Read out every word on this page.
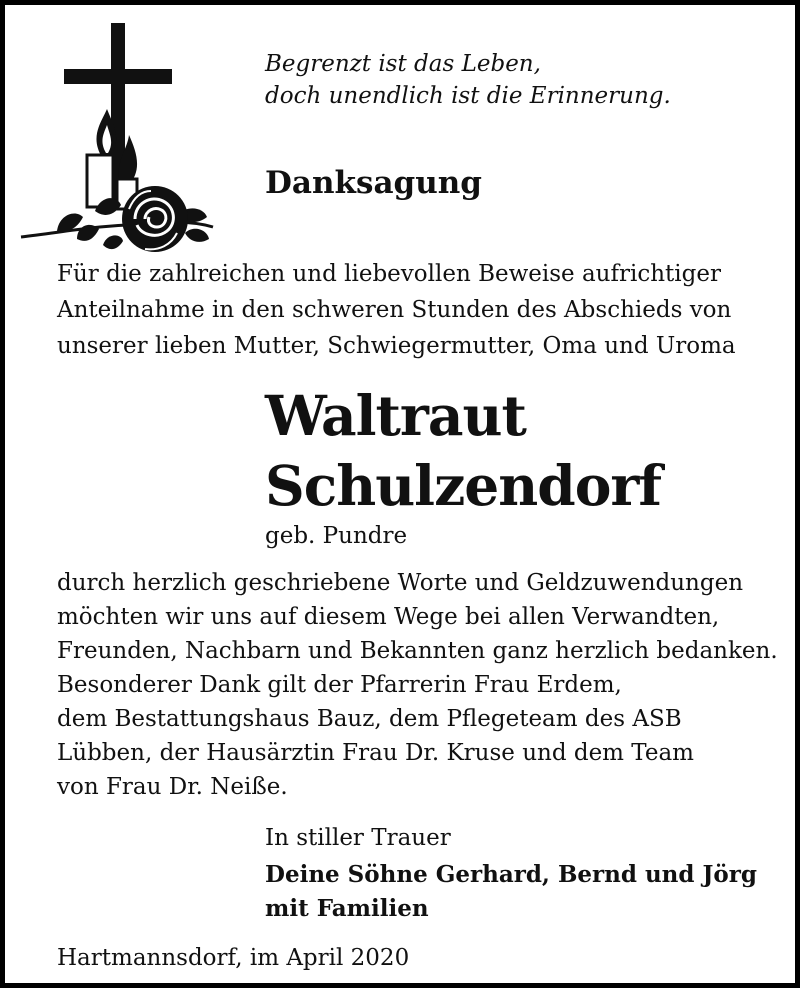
Begrenzt ist das Leben,
doch unendlich ist die Erinnerung.
Danksagung
Für die zahlreichen und liebevollen Beweise aufrichtiger
Anteilnahme in den schweren Stunden des Abschieds von
unserer lieben Mutter, Schwiegermutter, Oma und Uroma
Waltraut
Schulzendorf
geb. Pundre
durch herzlich geschriebene Worte und Geldzuwendungen
möchten wir uns auf diesem Wege bei allen Verwandten,
Freunden, Nachbarn und Bekannten ganz herzlich bedanken.
Besonderer Dank gilt der Pfarrerin Frau Erdem,
dem Bestattungshaus Bauz, dem Pflegeteam des ASB
Lübben, der Hausärztin Frau Dr. Kruse und dem Team
von Frau Dr. Neiße.
In stiller Trauer
Deine Söhne Gerhard, Bernd und Jörg
mit Familien
Hartmannsdorf, im April 2020
